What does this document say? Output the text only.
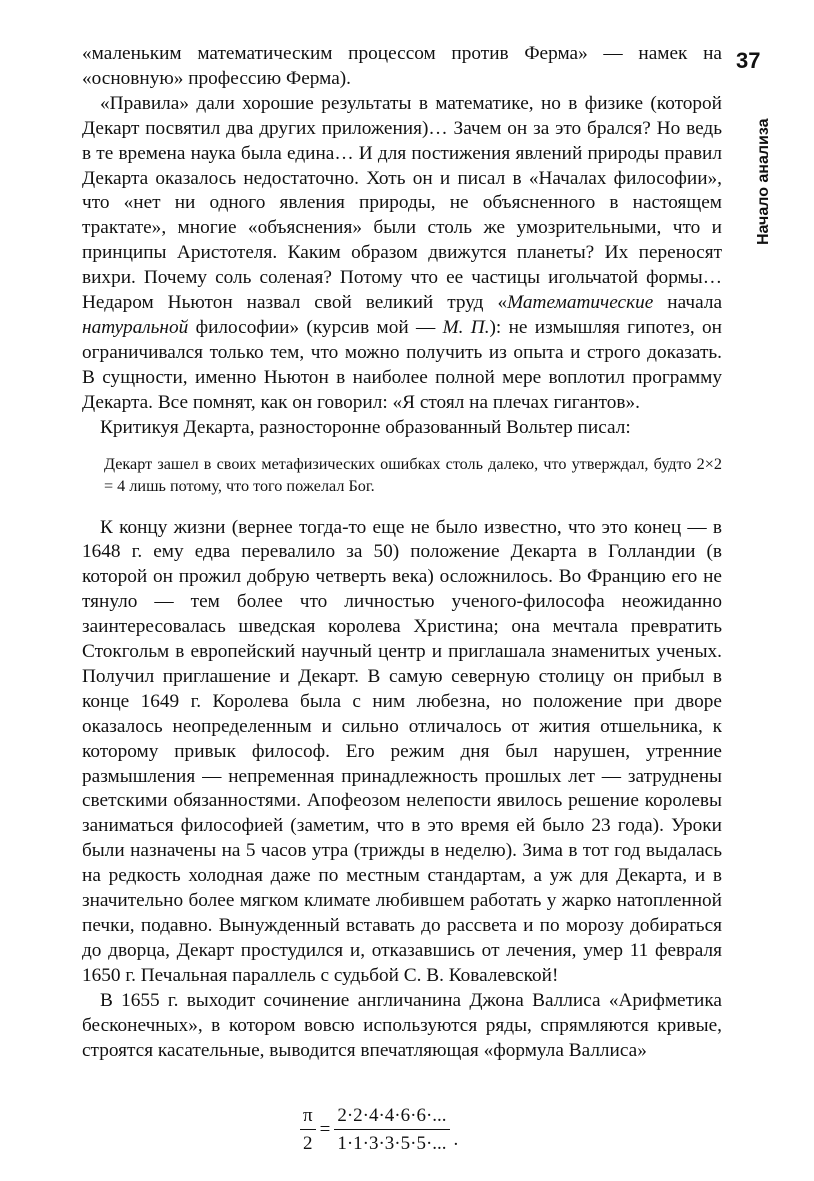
37
Начало анализа

«маленьким математическим процессом против Ферма» — намек на «основную» профессию Ферма).

«Правила» дали хорошие результаты в математике, но в физике (которой Декарт посвятил два других приложения)… Зачем он за это брался? Но ведь в те времена наука была едина… И для постижения явлений природы правил Декарта оказалось недостаточно. Хоть он и писал в «Началах философии», что «нет ни одного явления природы, не объясненного в настоящем трактате», многие «объяснения» были столь же умозрительными, что и принципы Аристотеля. Каким образом движутся планеты? Их переносят вихри. Почему соль соленая? Потому что ее частицы игольчатой формы… Недаром Ньютон назвал свой великий труд «Математические начала натуральной философии» (курсив мой — М. П.): не измышляя гипотез, он ограничивался только тем, что можно получить из опыта и строго доказать. В сущности, именно Ньютон в наиболее полной мере воплотил программу Декарта. Все помнят, как он говорил: «Я стоял на плечах гигантов».

Критикуя Декарта, разносторонне образованный Вольтер писал:

Декарт зашел в своих метафизических ошибках столь далеко, что утверждал, будто 2×2 = 4 лишь потому, что того пожелал Бог.

К концу жизни (вернее тогда-то еще не было известно, что это конец — в 1648 г. ему едва перевалило за 50) положение Декарта в Голландии (в которой он прожил добрую четверть века) осложнилось. Во Францию его не тянуло — тем более что личностью ученого-философа неожиданно заинтересовалась шведская королева Христина; она мечтала превратить Стокгольм в европейский научный центр и приглашала знаменитых ученых. Получил приглашение и Декарт. В самую северную столицу он прибыл в конце 1649 г. Королева была с ним любезна, но положение при дворе оказалось неопределенным и сильно отличалось от жития отшельника, к которому привык философ. Его режим дня был нарушен, утренние размышления — непременная принадлежность прошлых лет — затруднены светскими обязанностями. Апофеозом нелепости явилось решение королевы заниматься философией (заметим, что в это время ей было 23 года). Уроки были назначены на 5 часов утра (трижды в неделю). Зима в тот год выдалась на редкость холодная даже по местным стандартам, а уж для Декарта, и в значительно более мягком климате любившем работать у жарко натопленной печки, подавно. Вынужденный вставать до рассвета и по морозу добираться до дворца, Декарт простудился и, отказавшись от лечения, умер 11 февраля 1650 г. Печальная параллель с судьбой С. В. Ковалевской!

В 1655 г. выходит сочинение англичанина Джона Валлиса «Арифметика бесконечных», в котором вовсю используются ряды, спрямляются кривые, строятся касательные, выводится впечатляющая «формула Валлиса»

$\frac{\pi}{2} = \frac{2\cdot 2\cdot 4\cdot 4\cdot 6\cdot 6\cdot...}{1\cdot 1\cdot 3\cdot 3\cdot 5\cdot 5\cdot...}$ .
